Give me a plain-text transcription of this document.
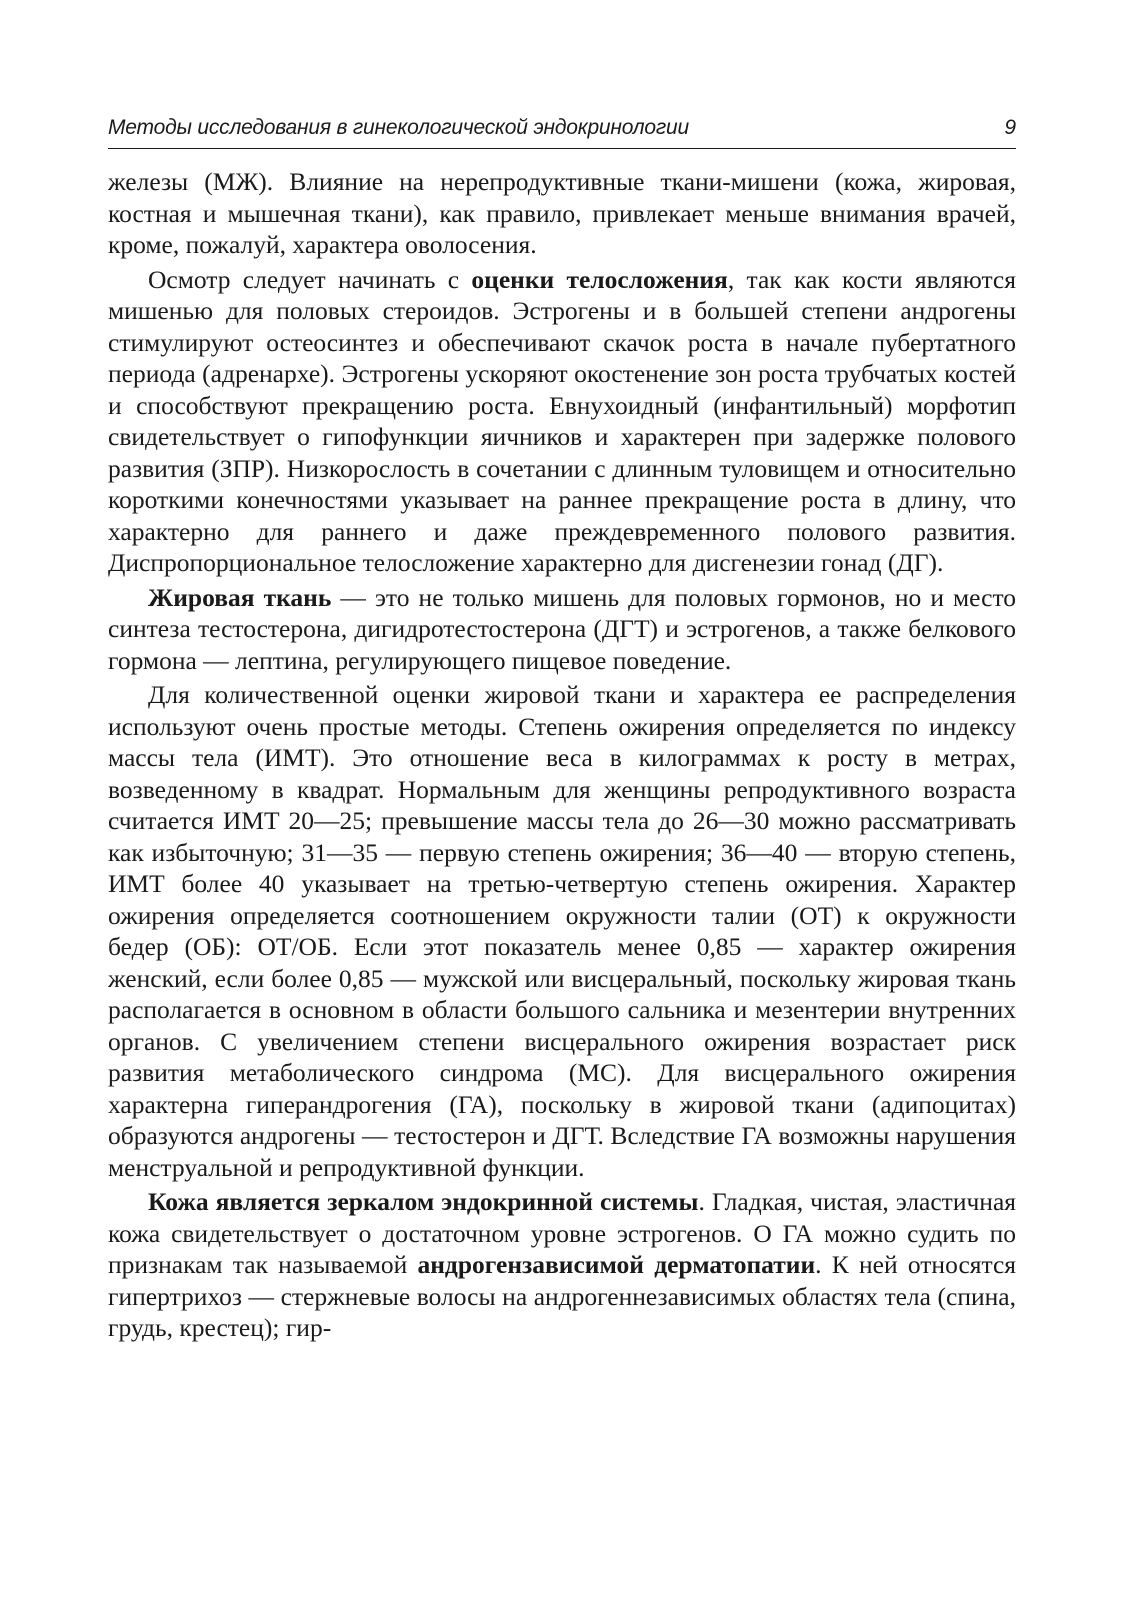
Методы исследования в гинекологической эндокринологии	9

железы (МЖ). Влияние на нерепродуктивные ткани-мишени (кожа, жировая, костная и мышечная ткани), как правило, привлекает меньше внимания врачей, кроме, пожалуй, характера оволосения.

Осмотр следует начинать с оценки телосложения, так как кости являются мишенью для половых стероидов. Эстрогены и в большей степени андрогены стимулируют остеосинтез и обеспечивают скачок роста в начале пубертатного периода (адренархе). Эстрогены ускоряют окостенение зон роста трубчатых костей и способствуют прекращению роста. Евнухоидный (инфантильный) морфотип свидетельствует о гипофункции яичников и характерен при задержке полового развития (ЗПР). Низкорослость в сочетании с длинным туловищем и относительно короткими конечностями указывает на раннее прекращение роста в длину, что характерно для раннего и даже преждевременного полового развития. Диспропорциональное телосложение характерно для дисгенезии гонад (ДГ).

Жировая ткань — это не только мишень для половых гормонов, но и место синтеза тестостерона, дигидротестостерона (ДГТ) и эстрогенов, а также белкового гормона — лептина, регулирующего пищевое поведение.

Для количественной оценки жировой ткани и характера ее распределения используют очень простые методы. Степень ожирения определяется по индексу массы тела (ИМТ). Это отношение веса в килограммах к росту в метрах, возведенному в квадрат. Нормальным для женщины репродуктивного возраста считается ИМТ 20—25; превышение массы тела до 26—30 можно рассматривать как избыточную; 31—35 — первую степень ожирения; 36—40 — вторую степень, ИМТ более 40 указывает на третью-четвертую степень ожирения. Характер ожирения определяется соотношением окружности талии (ОТ) к окружности бедер (ОБ): ОТ/ОБ. Если этот показатель менее 0,85 — характер ожирения женский, если более 0,85 — мужской или висцеральный, поскольку жировая ткань располагается в основном в области большого сальника и мезентерии внутренних органов. С увеличением степени висцерального ожирения возрастает риск развития метаболического синдрома (МС). Для висцерального ожирения характерна гиперандрогения (ГА), поскольку в жировой ткани (адипоцитах) образуются андрогены — тестостерон и ДГТ. Вследствие ГА возможны нарушения менструальной и репродуктивной функции.

Кожа является зеркалом эндокринной системы. Гладкая, чистая, эластичная кожа свидетельствует о достаточном уровне эстрогенов. О ГА можно судить по признакам так называемой андрогензависимой дерматопатии. К ней относятся гипертрихоз — стержневые волосы на андрогеннезависимых областях тела (спина, грудь, крестец); гир-
